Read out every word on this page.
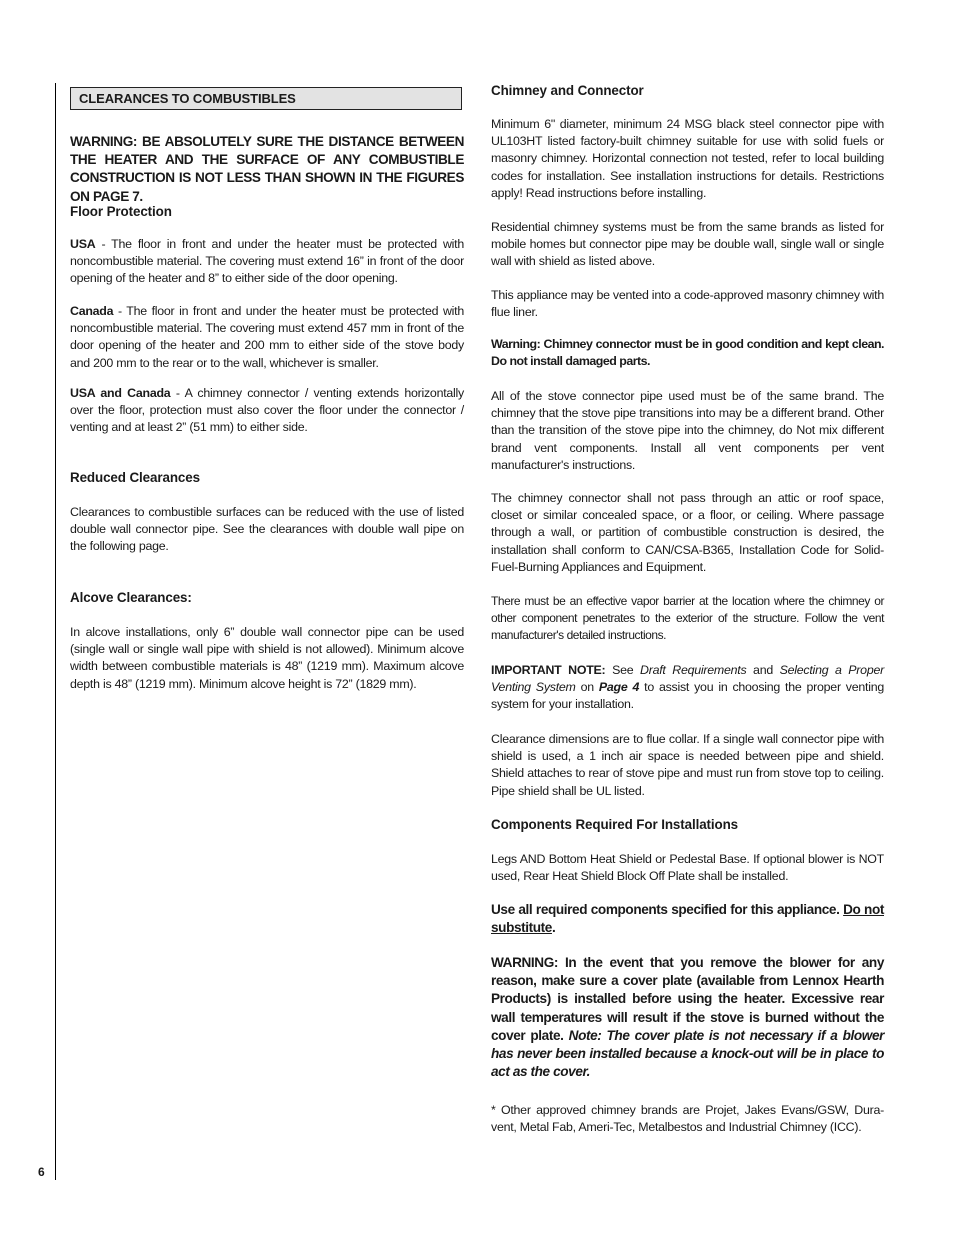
6
CLEARANCES TO COMBUSTIBLES

WARNING: BE ABSOLUTELY SURE THE DISTANCE BETWEEN THE HEATER AND THE SURFACE OF ANY COMBUSTIBLE CONSTRUCTION IS NOT LESS THAN SHOWN IN THE FIGURES ON PAGE 7.

Floor Protection

USA - The floor in front and under the heater must be protected with noncombustible material. The covering must extend 16” in front of the door opening of the heater and 8” to either side of the door opening.

Canada - The floor in front and under the heater must be protected with noncombustible material. The covering must extend 457 mm in front of the door opening of the heater and 200 mm to either side of the stove body and 200 mm to the rear or to the wall, whichever is smaller.

USA and Canada - A chimney connector / venting extends horizontally over the floor, protection must also cover the floor under the connector / venting and at least 2” (51 mm) to either side.

Reduced Clearances

Clearances to combustible surfaces can be reduced with the use of listed double wall connector pipe. See the clearances with double wall pipe on the following page.

Alcove Clearances:

In alcove installations, only 6” double wall connector pipe can be used (single wall or single wall pipe with shield is not allowed). Minimum alcove width between combustible materials is 48” (1219 mm). Maximum alcove depth is 48” (1219 mm). Minimum alcove height is 72” (1829 mm).

Chimney and Connector

Minimum 6" diameter, minimum 24 MSG black steel connector pipe with UL103HT listed factory-built chimney suitable for use with solid fuels or masonry chimney. Horizontal connection not tested, refer to local building codes for installation. See installation instructions for details. Restrictions apply! Read instructions before installing.

Residential chimney systems must be from the same brands as listed for mobile homes but connector pipe may be double wall, single wall or single wall with shield as listed above.

This appliance may be vented into a code-approved masonry chimney with flue liner.

Warning: Chimney connector must be in good condition and kept clean. Do not install damaged parts.

All of the stove connector pipe used must be of the same brand. The chimney that the stove pipe transitions into may be a different brand. Other than the transition of the stove pipe into the chimney, do Not mix different brand vent components. Install all vent components per vent manufacturer's instructions.

The chimney connector shall not pass through an attic or roof space, closet or similar concealed space, or a floor, or ceiling. Where passage through a wall, or partition of combustible construction is desired, the installation shall conform to CAN/CSA-B365, Installation Code for Solid-Fuel-Burning Appliances and Equipment.

There must be an effective vapor barrier at the location where the chimney or other component penetrates to the exterior of the structure. Follow the vent manufacturer's detailed instructions.

IMPORTANT NOTE: See Draft Requirements and Selecting a Proper Venting System on Page 4 to assist you in choosing the proper venting system for your installation.

Clearance dimensions are to flue collar. If a single wall connector pipe with shield is used, a 1 inch air space is needed between pipe and shield. Shield attaches to rear of stove pipe and must run from stove top to ceiling. Pipe shield shall be UL listed.

Components Required For Installations

Legs AND Bottom Heat Shield or Pedestal Base. If optional blower is NOT used, Rear Heat Shield Block Off Plate shall be installed.

Use all required components specified for this appliance. Do not substitute.

WARNING: In the event that you remove the blower for any reason, make sure a cover plate (available from Lennox Hearth Products) is installed before using the heater. Excessive rear wall temperatures will result if the stove is burned without the cover plate. Note: The cover plate is not necessary if a blower has never been installed because a knock-out will be in place to act as the cover.

* Other approved chimney brands are Projet, Jakes Evans/GSW, Dura-vent, Metal Fab, Ameri-Tec, Metalbestos and Industrial Chimney (ICC).
